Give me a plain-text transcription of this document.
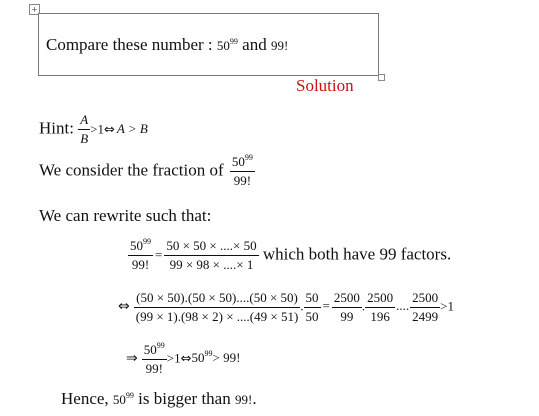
+
Compare these number : $50^{99}$ and 99!
Solution
Hint: $\frac{A}{B}$ >1⇔ A > B
We consider the fraction of $\frac{50^{99}}{99!}$
We can rewrite such that:
$\frac{50^{99}}{99!} = \frac{50 \times 50 \times ....\times 50}{99 \times 98 \times ....\times 1}$ which both have 99 factors.
⇔ $\frac{(50 \times 50).(50 \times 50)....(50 \times 50)}{(99 \times 1).(98 \times 2) \times ....(49 \times 51)}$ . $\frac{50}{50} = \frac{2500}{99}$ . $\frac{2500}{196}$ .... $\frac{2500}{2499} >1$
⇒ $\frac{50^{99}}{99!}$ $>1\Leftrightarrow 50^{99}> 99$!
Hence, $50^{99}$ is bigger than 99!.
